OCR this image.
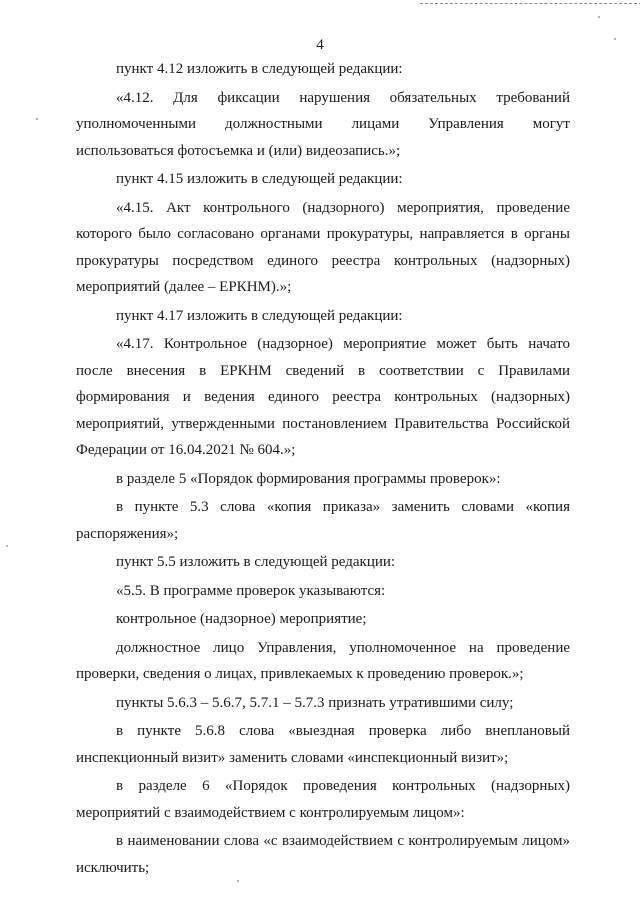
4

пункт 4.12 изложить в следующей редакции:

«4.12. Для фиксации нарушения обязательных требований уполномоченными должностными лицами Управления могут использоваться фотосъемка и (или) видеозапись.»;

пункт 4.15 изложить в следующей редакции:

«4.15. Акт контрольного (надзорного) мероприятия, проведение которого было согласовано органами прокуратуры, направляется в органы прокуратуры посредством единого реестра контрольных (надзорных) мероприятий (далее – ЕРКНМ).»;

пункт 4.17 изложить в следующей редакции:

«4.17. Контрольное (надзорное) мероприятие может быть начато после внесения в ЕРКНМ сведений в соответствии с Правилами формирования и ведения единого реестра контрольных (надзорных) мероприятий, утвержденными постановлением Правительства Российской Федерации от 16.04.2021 № 604.»;

в разделе 5 «Порядок формирования программы проверок»:

в пункте 5.3 слова «копия приказа» заменить словами «копия распоряжения»;

пункт 5.5 изложить в следующей редакции:

«5.5. В программе проверок указываются:

контрольное (надзорное) мероприятие;

должностное лицо Управления, уполномоченное на проведение проверки, сведения о лицах, привлекаемых к проведению проверок.»;

пункты 5.6.3 – 5.6.7, 5.7.1 – 5.7.3 признать утратившими силу;

в пункте 5.6.8 слова «выездная проверка либо внеплановый инспекционный визит» заменить словами «инспекционный визит»;

в разделе 6 «Порядок проведения контрольных (надзорных) мероприятий с взаимодействием с контролируемым лицом»:

в наименовании слова «с взаимодействием с контролируемым лицом» исключить;
